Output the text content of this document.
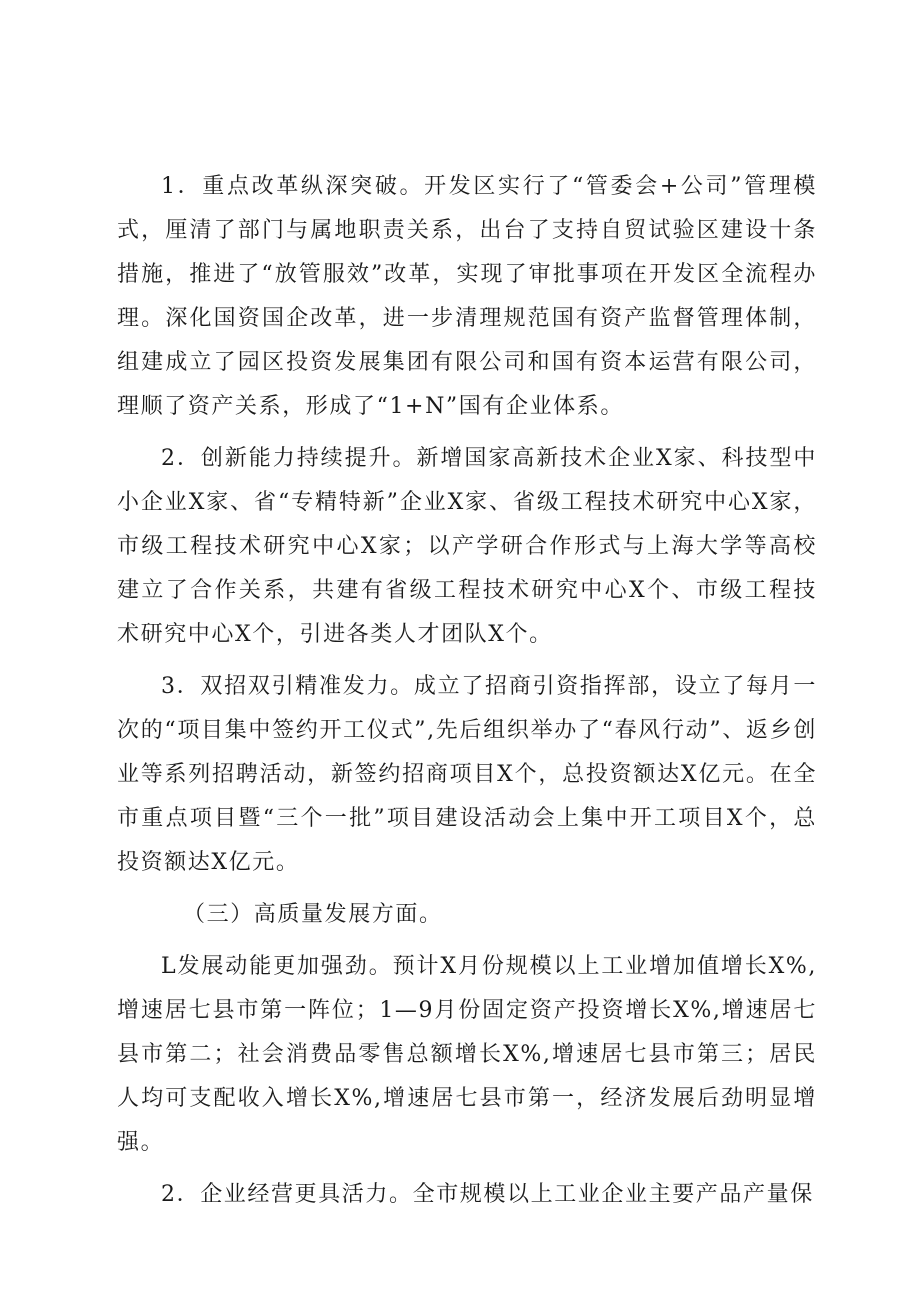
1．重点改革纵深突破。开发区实行了“管委会+公司”管理模式，厘清了部门与属地职责关系，出台了支持自贸试验区建设十条措施，推进了“放管服效”改革，实现了审批事项在开发区全流程办理。深化国资国企改革，进一步清理规范国有资产监督管理体制，组建成立了园区投资发展集团有限公司和国有资本运营有限公司，理顺了资产关系，形成了“1+N”国有企业体系。

2．创新能力持续提升。新增国家高新技术企业X家、科技型中小企业X家、省“专精特新”企业X家、省级工程技术研究中心X家，市级工程技术研究中心X家；以产学研合作形式与上海大学等高校建立了合作关系，共建有省级工程技术研究中心X个、市级工程技术研究中心X个，引进各类人才团队X个。

3．双招双引精准发力。成立了招商引资指挥部，设立了每月一次的“项目集中签约开工仪式”,先后组织举办了“春风行动”、返乡创业等系列招聘活动，新签约招商项目X个，总投资额达X亿元。在全市重点项目暨“三个一批”项目建设活动会上集中开工项目X个，总投资额达X亿元。

（三）高质量发展方面。

L发展动能更加强劲。预计X月份规模以上工业增加值增长X%,增速居七县市第一阵位；1—9月份固定资产投资增长X%,增速居七县市第二；社会消费品零售总额增长X%,增速居七县市第三；居民人均可支配收入增长X%,增速居七县市第一，经济发展后劲明显增强。

2．企业经营更具活力。全市规模以上工业企业主要产品产量保
